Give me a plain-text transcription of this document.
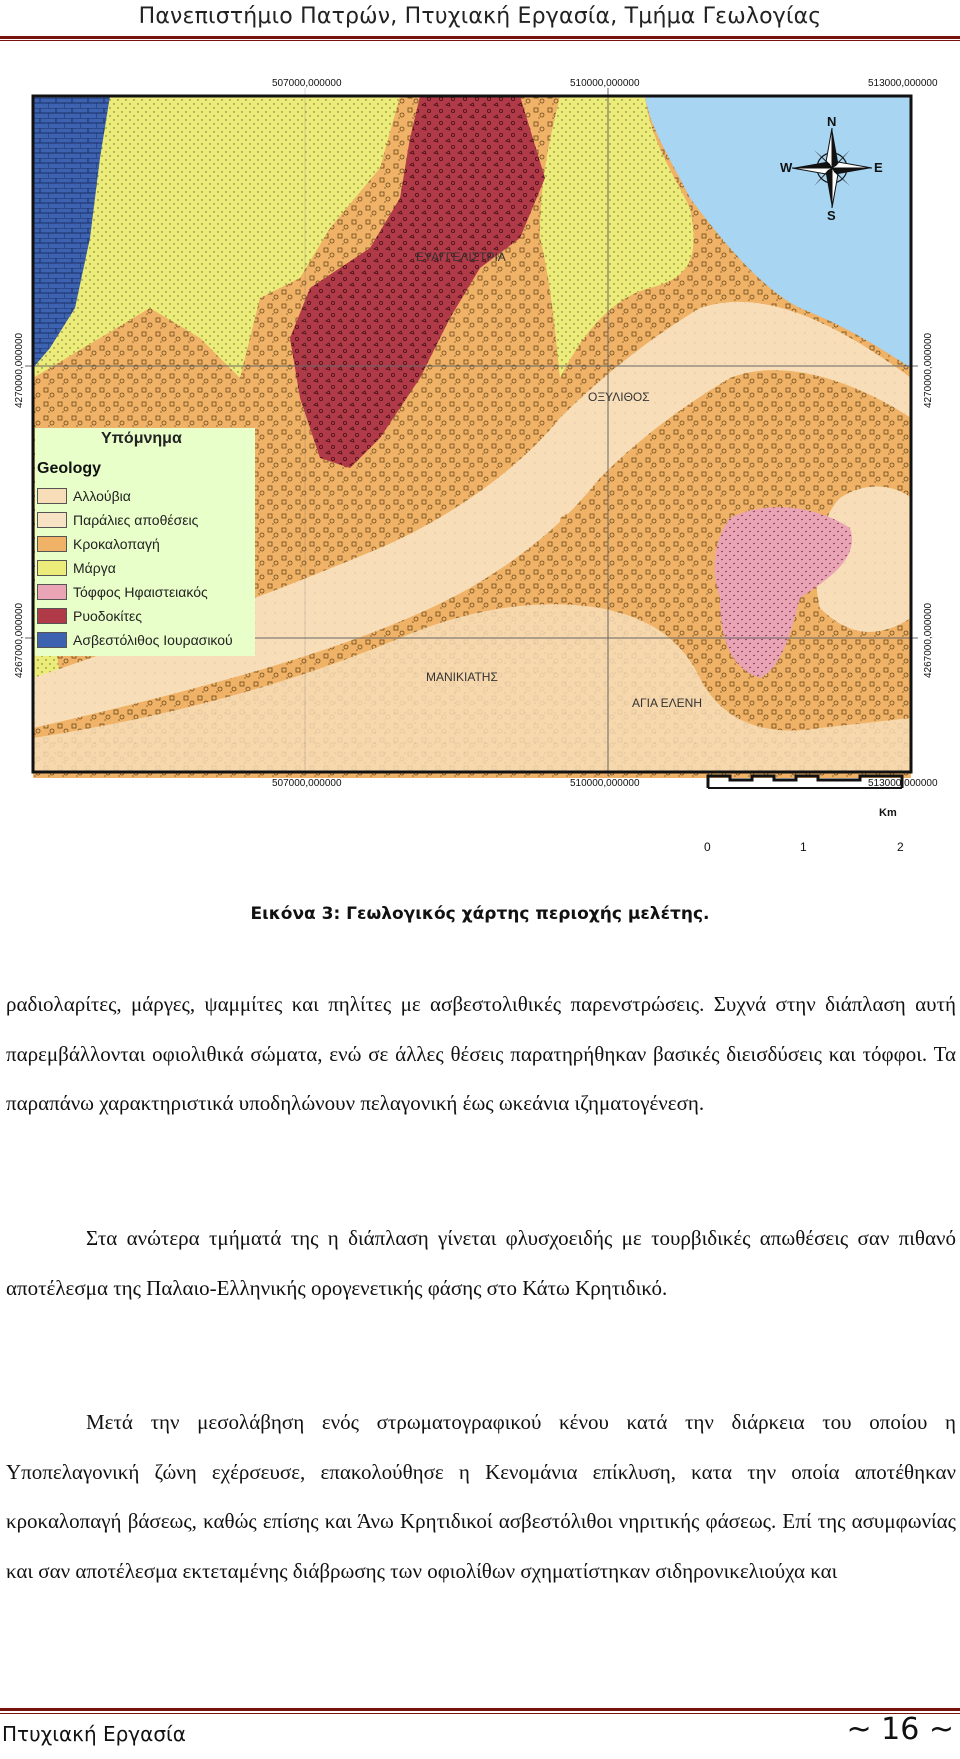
Πανεπιστήμιο Πατρών, Πτυχιακή Εργασία, Τμήμα Γεωλογίας
507000,000000	510000,000000	513000,000000
507000,000000	510000,000000	513000,000000
4270000,000000
4267000,000000
4270000,000000
4267000,000000
N
S
E
W
ΕΥΑΓΓΕΛΙΣΤΡΙΑ
ΟΞΥΛΙΘΟΣ
ΜΑΝΙΚΙΑΤΗΣ
ΑΓΙΑ ΕΛΕΝΗ
Km
0	1	2
Υπόμνημα
Geology
Αλλούβια
Παράλιες αποθέσεις
Κροκαλοπαγή
Μάργα
Τόφφος Ηφαιστειακός
Ρυοδοκίτες
Ασβεστόλιθος Ιουρασικού
Εικόνα 3: Γεωλογικός χάρτης περιοχής μελέτης.
ραδιολαρίτες, μάργες, ψαμμίτες και πηλίτες με ασβεστολιθικές παρενστρώσεις. Συχνά στην διάπλαση αυτή παρεμβάλλονται οφιολιθικά σώματα, ενώ σε άλλες θέσεις παρατηρήθηκαν βασικές διεισδύσεις και τόφφοι. Τα παραπάνω χαρακτηριστικά υποδηλώνουν πελαγονική έως ωκεάνια ιζηματογένεση.
Στα ανώτερα τμήματά της η διάπλαση γίνεται φλυσχοειδής με τουρβιδικές απωθέσεις σαν πιθανό αποτέλεσμα της Παλαιο-Ελληνικής ορογενετικής φάσης στο Κάτω Κρητιδικό.
Μετά την μεσολάβηση ενός στρωματογραφικού κένου κατά την διάρκεια του οποίου η Υποπελαγονική ζώνη εχέρσευσε, επακολούθησε η Κενομάνια επίκλυση, κατα την οποία αποτέθηκαν κροκαλοπαγή βάσεως, καθώς επίσης και Άνω Κρητιδικοί ασβεστόλιθοι νηριτικής φάσεως. Επί της ασυμφωνίας και σαν αποτέλεσμα εκτεταμένης διάβρωσης των οφιολίθων σχηματίστηκαν σιδηρονικελιούχα και
Πτυχιακή Εργασία	~ 16 ~
